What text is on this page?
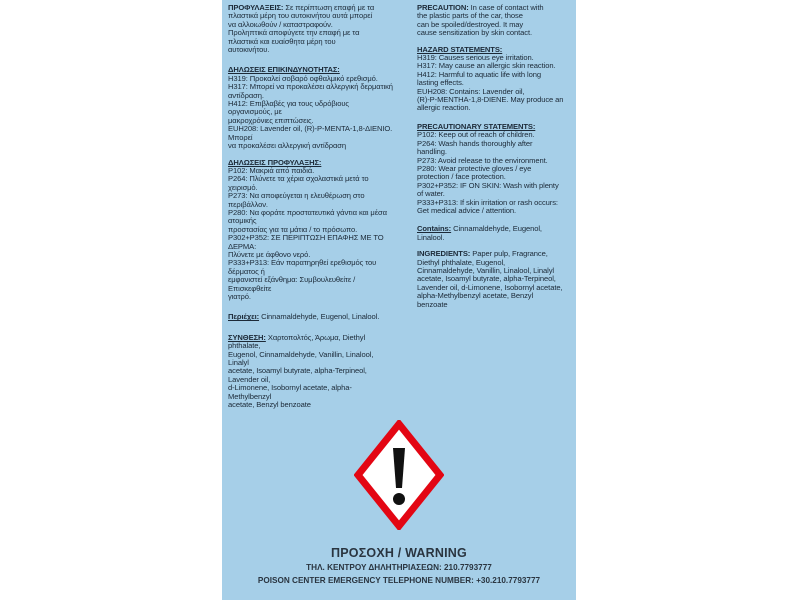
ΠΡΟΦΥΛΑΞΕΙΣ: Σε περίπτωση επαφή με τα
πλαστικά μέρη του αυτοκινήτου αυτά μπορεί
να αλλοιωθούν / καταστραφούν.
Προληπτικά αποφύγετε την επαφή με τα
πλαστικά και ευαίσθητα μέρη του
αυτοκινήτου.
ΔΗΛΩΣΕΙΣ ΕΠΙΚΙΝΔΥΝΟΤΗΤΑΣ:
H319: Προκαλεί σοβαρό οφθαλμικό ερεθισμό.
H317: Μπορεί να προκαλέσει αλλεργική δερματική
αντίδραση.
H412: Επιβλαβές για τους υδρόβιους οργανισμούς, με
μακροχρόνιες επιπτώσεις.
EUH208: Lavender oil, (R)-P-MENTA-1,8-ΔΙΕΝΙΟ. Μπορεί
να προκαλέσει αλλεργική αντίδραση
ΔΗΛΩΣΕΙΣ ΠΡΟΦΥΛΑΞΗΣ:
P102: Μακριά από παιδιά.
P264: Πλύνετε τα χέρια σχολαστικά μετά το χειρισμό.
P273: Να αποφεύγεται η ελευθέρωση στο περιβάλλον.
P280: Να φοράτε προστατευτικά γάντια και μέσα ατομικής
προστασίας για τα μάτια / το πρόσωπο.
P302+P352: ΣΕ ΠΕΡΙΠΤΩΣΗ ΕΠΑΦΗΣ ΜΕ ΤΟ ΔΕΡΜΑ:
Πλύνετε με άφθονο νερό.
P333+P313: Εάν παρατηρηθεί ερεθισμός του δέρματος ή
εμφανιστεί εξάνθημα: Συμβουλευθείτε / Επισκεφθείτε
γιατρό.
Περιέχει: Cinnamaldehyde, Eugenol, Linalool.
ΣΥΝΘΕΣΗ: Χαρτοπολτός, Άρωμα, Diethyl phthalate,
Eugenol, Cinnamaldehyde, Vanillin, Linalool, Linalyl
acetate, Isoamyl butyrate, alpha-Terpineol, Lavender oil,
d-Limonene, Isobornyl acetate, alpha-Methylbenzyl
acetate, Benzyl benzoate
PRECAUTION: In case of contact with
the plastic parts of the car, those
can be spoiled/destroyed. It may
cause sensitization by skin contact.
HAZARD STATEMENTS:
H319: Causes serious eye irritation.
H317: May cause an allergic skin reaction.
H412: Harmful to aquatic life with long
lasting effects.
EUH208: Contains: Lavender oil,
(R)-P-MENTHA-1,8-DIENE. May produce an
allergic reaction.
PRECAUTIONARY STATEMENTS:
P102: Keep out of reach of children.
P264: Wash hands thoroughly after
handling.
P273: Avoid release to the environment.
P280: Wear protective gloves / eye
protection / face protection.
P302+P352: IF ON SKIN: Wash with plenty
of water.
P333+P313: If skin irritation or rash occurs:
Get medical advice / attention.
Contains: Cinnamaldehyde, Eugenol,
Linalool.
INGREDIENTS: Paper pulp, Fragrance,
Diethyl phthalate, Eugenol,
Cinnamaldehyde, Vanillin, Linalool, Linalyl
acetate, Isoamyl butyrate, alpha-Terpineol,
Lavender oil, d-Limonene, Isobornyl acetate,
alpha-Methylbenzyl acetate, Benzyl
benzoate
ΠΡΟΣΟΧΗ / WARNING
ΤΗΛ. ΚΕΝΤΡΟΥ ΔΗΛΗΤΗΡΙΑΣΕΩΝ: 210.7793777
POISON CENTER EMERGENCY TELEPHONE NUMBER: +30.210.7793777
